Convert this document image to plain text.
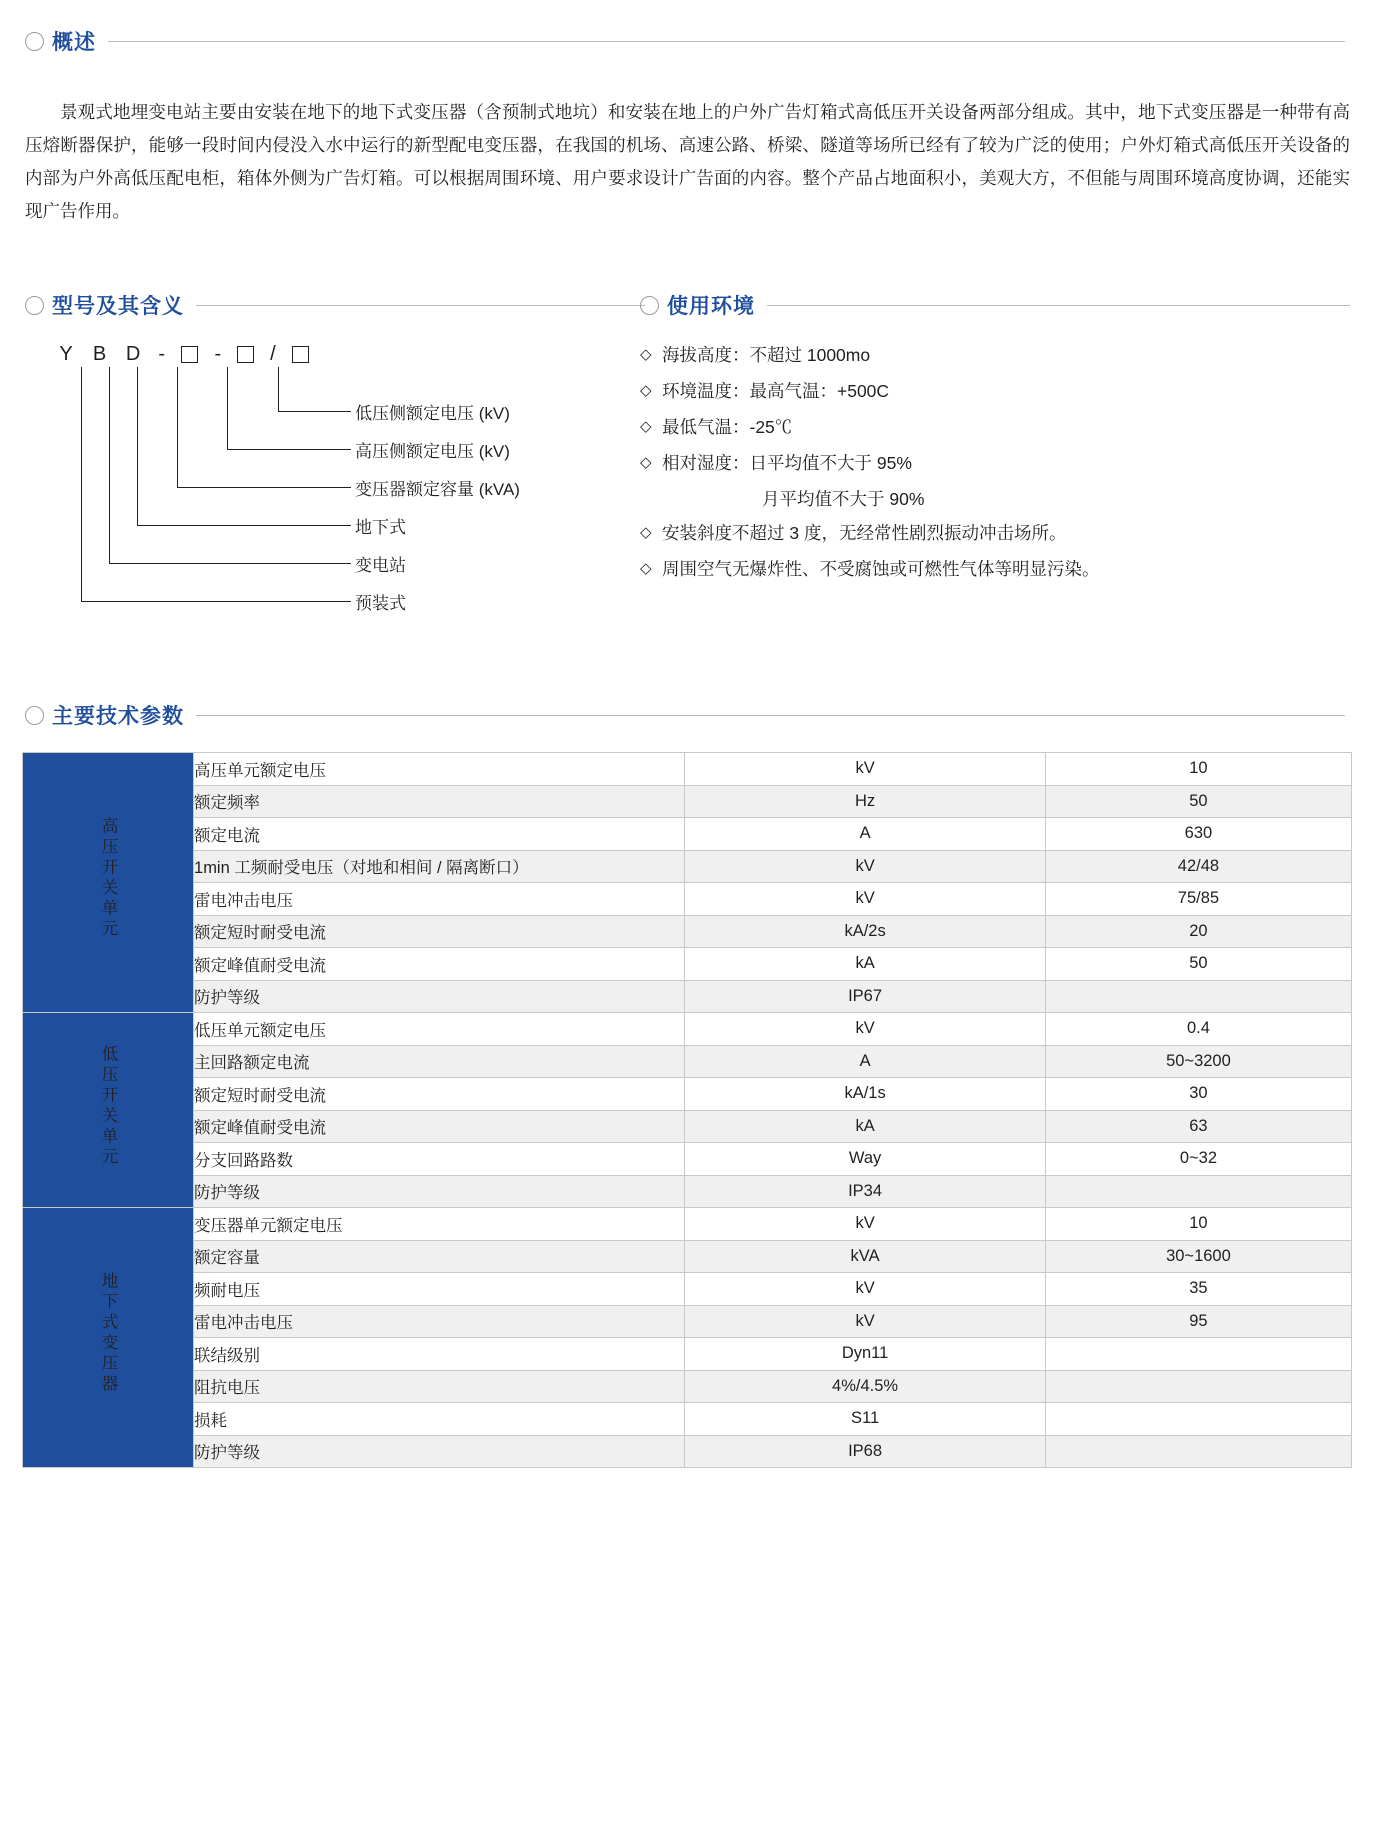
概述

景观式地埋变电站主要由安装在地下的地下式变压器（含预制式地坑）和安装在地上的户外广告灯箱式高低压开关设备两部分组成。其中，地下式变压器是一种带有高压熔断器保护，能够一段时间内侵没入水中运行的新型配电变压器，在我国的机场、高速公路、桥梁、隧道等场所已经有了较为广泛的使用；户外灯箱式高低压开关设备的内部为户外高低压配电柜，箱体外侧为广告灯箱。可以根据周围环境、用户要求设计广告面的内容。整个产品占地面积小，美观大方，不但能与周围环境高度协调，还能实现广告作用。

型号及其含义
Y B D - - /
低压侧额定电压 (kV)
高压侧额定电压 (kV)
变压器额定容量 (kVA)
地下式
变电站
预装式
使用环境
◇ 海拔高度：不超过 1000mo
◇ 环境温度：最高气温：+500C
◇ 最低气温：-25℃
◇ 相对湿度：日平均值不大于 95%
月平均值不大于 90%
◇ 安装斜度不超过 3 度，无经常性剧烈振动冲击场所。
◇ 周围空气无爆炸性、不受腐蚀或可燃性气体等明显污染。
主要技术参数
高压开关单元	高压单元额定电压	kV	10
	额定频率	Hz	50
	额定电流	A	630
	1min 工频耐受电压（对地和相间 / 隔离断口）	kV	42/48
	雷电冲击电压	kV	75/85
	额定短时耐受电流	kA/2s	20
	额定峰值耐受电流	kA	50
	防护等级	IP67	
低压开关单元	低压单元额定电压	kV	0.4
	主回路额定电流	A	50~3200
	额定短时耐受电流	kA/1s	30
	额定峰值耐受电流	kA	63
	分支回路路数	Way	0~32
	防护等级	IP34	
地下式变压器	变压器单元额定电压	kV	10
	额定容量	kVA	30~1600
	频耐电压	kV	35
	雷电冲击电压	kV	95
	联结级别	Dyn11	
	阻抗电压	4%/4.5%	
	损耗	S11	
	防护等级	IP68	
